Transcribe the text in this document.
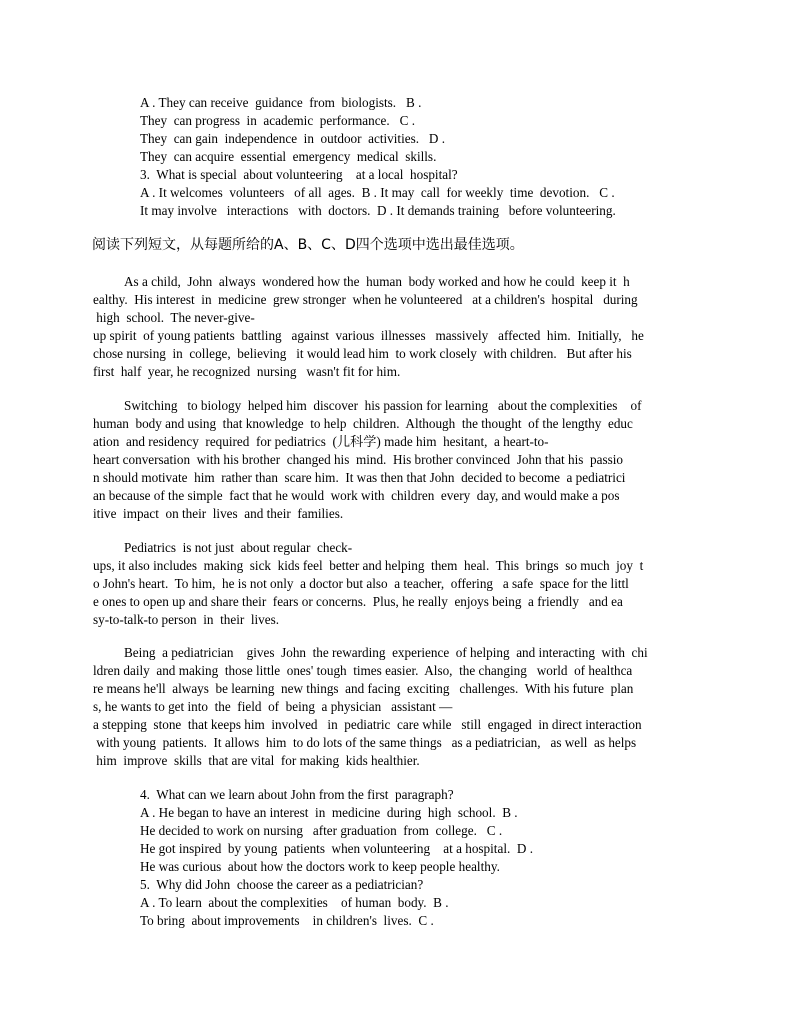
A . They can receive  guidance  from  biologists.   B .
They  can progress  in  academic  performance.   C .
They  can gain  independence  in  outdoor  activities.   D .
They  can acquire  essential  emergency  medical  skills.
3.  What is special  about volunteering    at a local  hospital?
A . It welcomes  volunteers   of all  ages.  B . It may  call  for weekly  time  devotion.   C .
It may involve   interactions   with  doctors.  D . It demands training   before volunteering.
阅读下列短文，从每题所给的A、B、C、D四个选项中选出最佳选项。
As a child,  John  always  wondered how the  human  body worked and how he could  keep it  h
ealthy.  His interest  in  medicine  grew stronger  when he volunteered   at a children's  hospital   during
high  school.  The never-give-
up spirit  of young patients  battling   against  various  illnesses   massively   affected  him.  Initially,   he
chose nursing  in  college,  believing   it would lead him  to work closely  with children.   But after his
first  half  year, he recognized  nursing   wasn't fit for him.
Switching   to biology  helped him  discover  his passion for learning   about the complexities    of
human  body and using  that knowledge  to help  children.  Although  the thought  of the lengthy  educ
ation  and residency  required  for pediatrics  (儿科学) made him  hesitant,  a heart-to-
heart conversation  with his brother  changed his  mind.  His brother convinced  John that his  passio
n should motivate  him  rather than  scare him.  It was then that John  decided to become  a pediatrici
an because of the simple  fact that he would  work with  children  every  day, and would make a pos
itive  impact  on their  lives  and their  families.
Pediatrics  is not just  about regular  check-
ups, it also includes  making  sick  kids feel  better and helping  them  heal.  This  brings  so much  joy  t
o John's heart.  To him,  he is not only  a doctor but also  a teacher,  offering   a safe  space for the littl
e ones to open up and share their  fears or concerns.  Plus, he really  enjoys being  a friendly   and ea
sy-to-talk-to person  in  their  lives.
Being  a pediatrician    gives  John  the rewarding  experience  of helping  and interacting  with  chi
ldren daily  and making  those little  ones' tough  times easier.  Also,  the changing   world  of healthca
re means he'll  always  be learning  new things  and facing  exciting   challenges.  With his future  plan
s, he wants to get into  the  field  of  being  a physician   assistant —
a stepping  stone  that keeps him  involved   in  pediatric  care while   still  engaged  in direct interaction
with young  patients.  It allows  him  to do lots of the same things   as a pediatrician,   as well  as helps
him  improve  skills  that are vital  for making  kids healthier.
4.  What can we learn about John from the first  paragraph?
A . He began to have an interest  in  medicine  during  high  school.  B .
He decided to work on nursing   after graduation  from  college.   C .
He got inspired  by young  patients  when volunteering    at a hospital.  D .
He was curious  about how the doctors work to keep people healthy.
5.  Why did John  choose the career as a pediatrician?
A . To learn  about the complexities    of human  body.  B .
To bring  about improvements    in children's  lives.  C .
